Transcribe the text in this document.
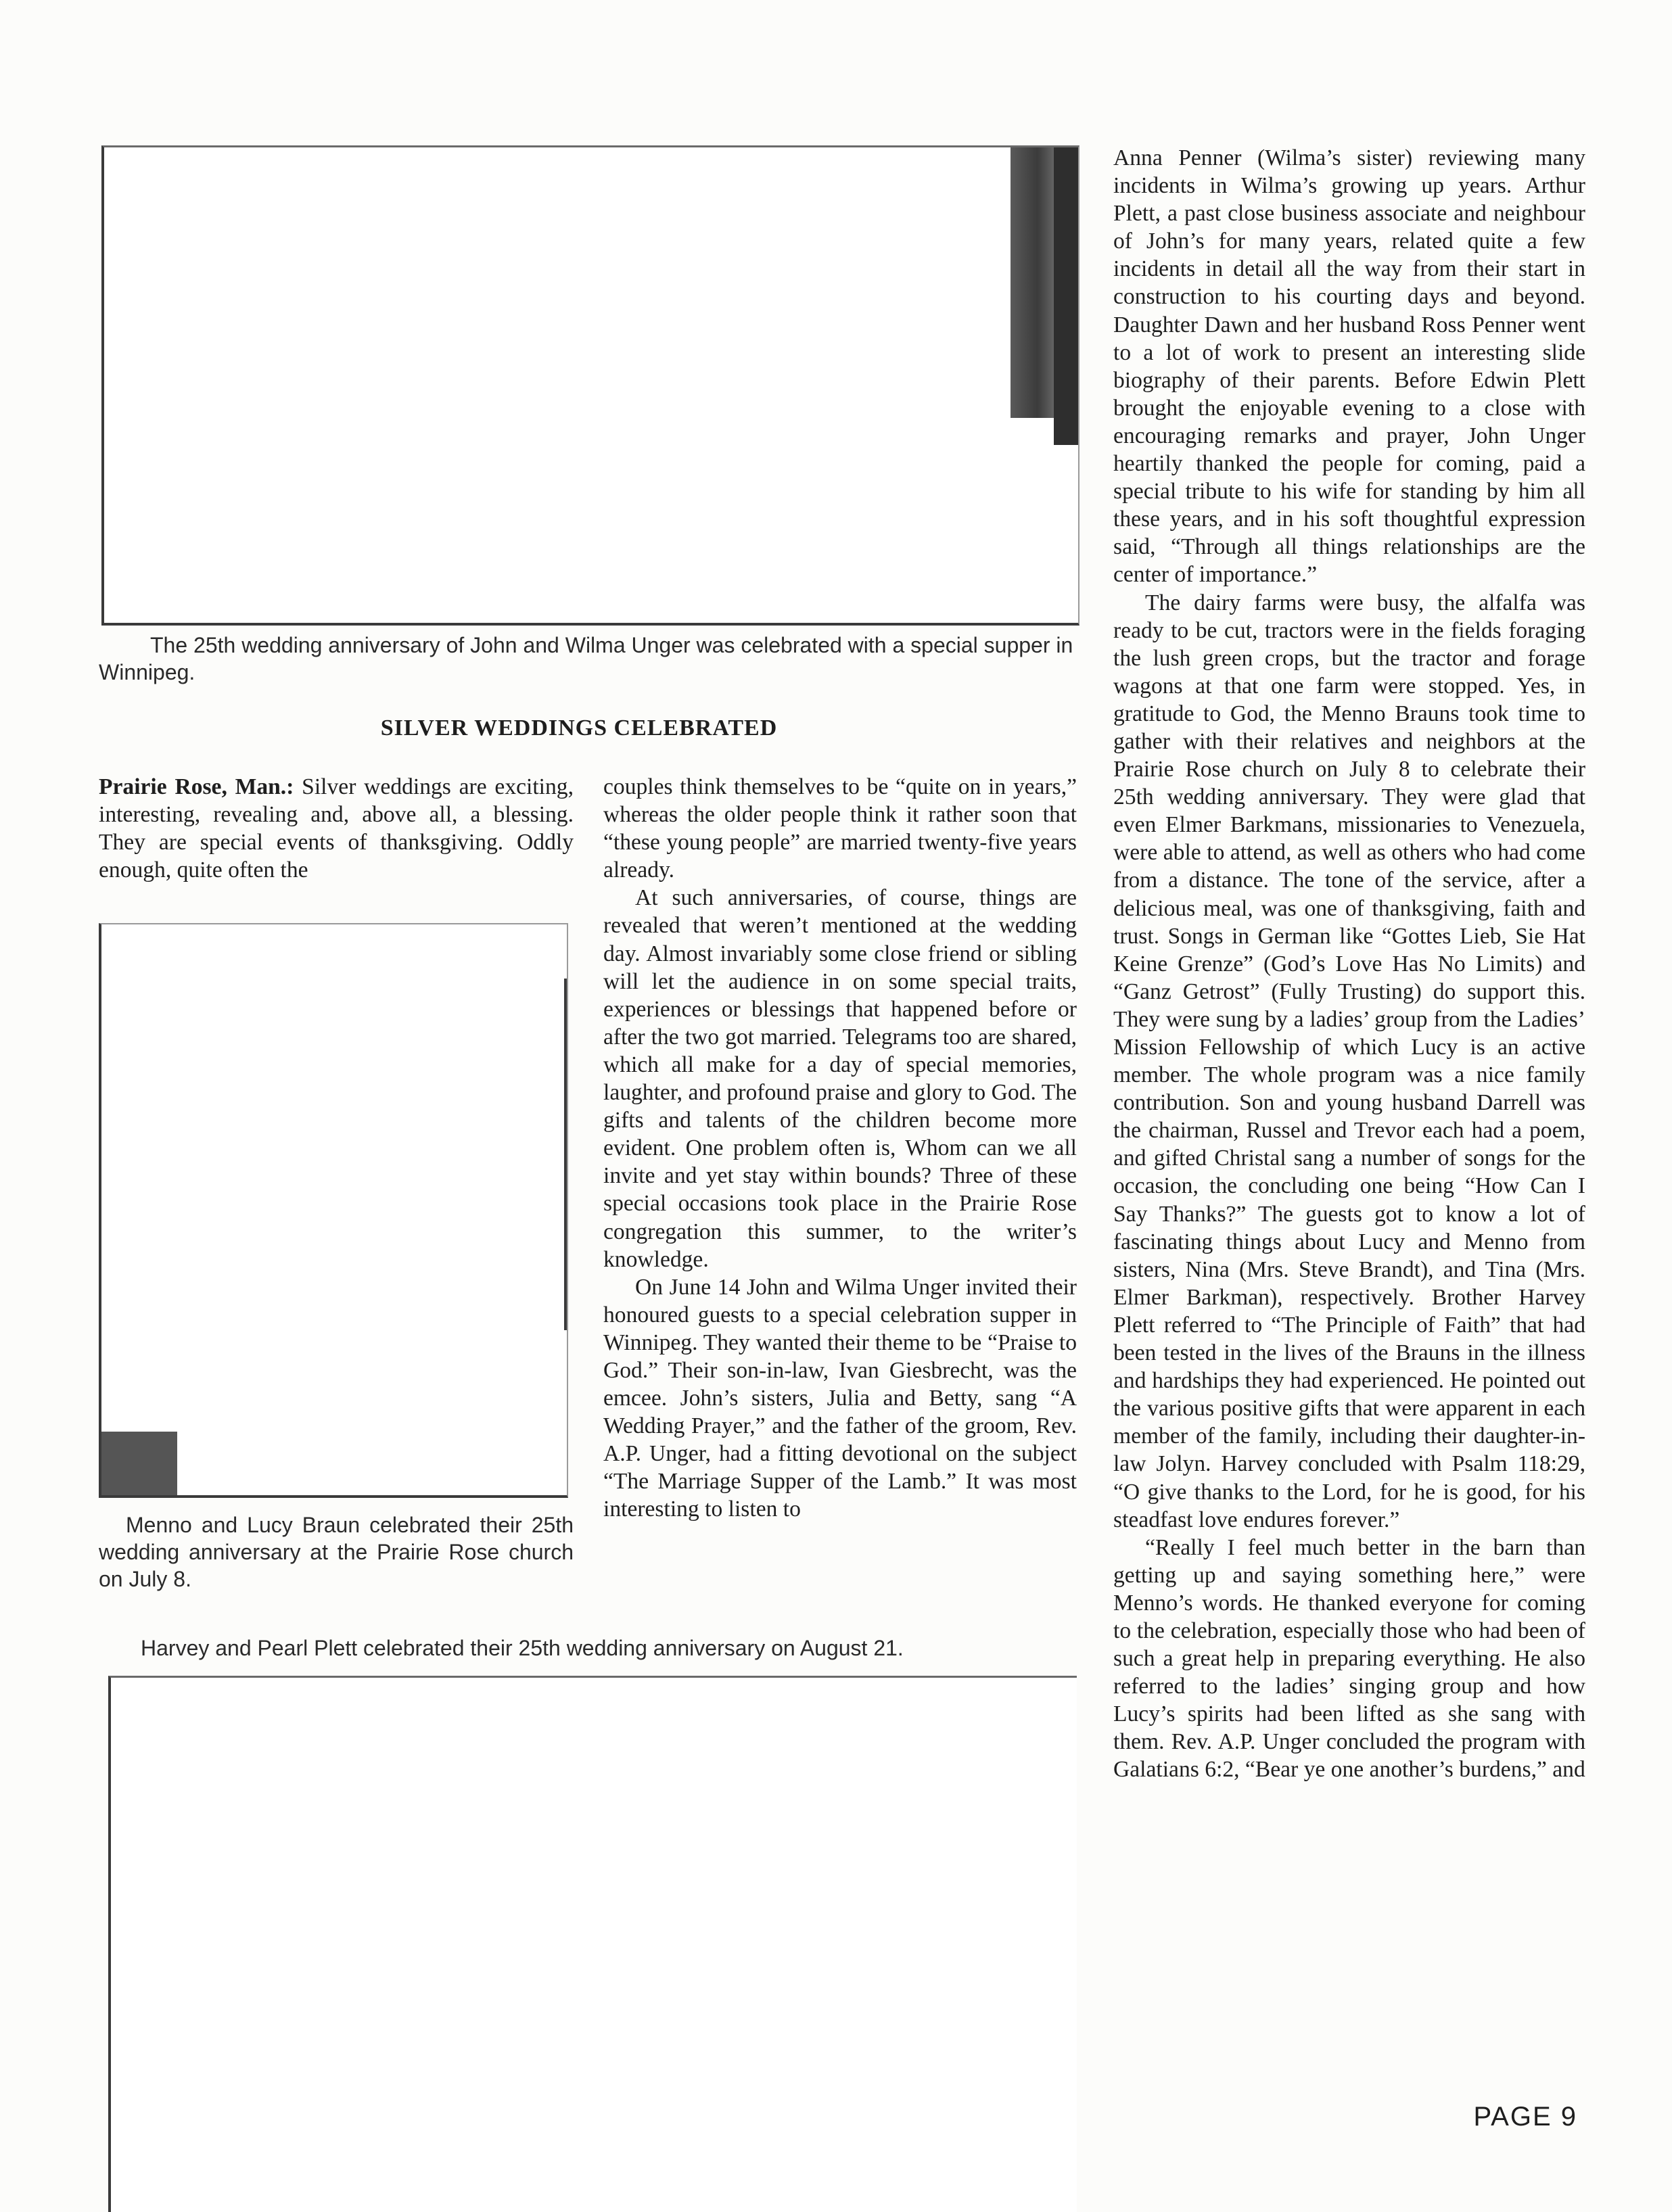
The 25th wedding anniversary of John and Wilma Unger was celebrated with a special supper in Winnipeg.

SILVER WEDDINGS CELEBRATED

Prairie Rose, Man.: Silver weddings are exciting, interesting, revealing and, above all, a blessing. They are special events of thanksgiving. Oddly enough, quite often the

Menno and Lucy Braun celebrated their 25th wedding anniversary at the Prairie Rose church on July 8.

couples think themselves to be “quite on in years,” whereas the older people think it rather soon that “these young people” are married twenty-five years already.

At such anniversaries, of course, things are revealed that weren’t mentioned at the wedding day. Almost invariably some close friend or sibling will let the audience in on some special traits, experiences or blessings that happened before or after the two got married. Telegrams too are shared, which all make for a day of special memories, laughter, and profound praise and glory to God. The gifts and talents of the children become more evident. One problem often is, Whom can we all invite and yet stay within bounds? Three of these special occasions took place in the Prairie Rose congregation this summer, to the writer’s knowledge.

On June 14 John and Wilma Unger invited their honoured guests to a special celebration supper in Winnipeg. They wanted their theme to be “Praise to God.” Their son-in-law, Ivan Giesbrecht, was the emcee. John’s sisters, Julia and Betty, sang “A Wedding Prayer,” and the father of the groom, Rev. A.P. Unger, had a fitting devotional on the subject “The Marriage Supper of the Lamb.” It was most interesting to listen to

Harvey and Pearl Plett celebrated their 25th wedding anniversary on August 21.

Anna Penner (Wilma’s sister) reviewing many incidents in Wilma’s growing up years. Arthur Plett, a past close business associate and neighbour of John’s for many years, related quite a few incidents in detail all the way from their start in construction to his courting days and beyond. Daughter Dawn and her husband Ross Penner went to a lot of work to present an interesting slide biography of their parents. Before Edwin Plett brought the enjoyable evening to a close with encouraging remarks and prayer, John Unger heartily thanked the people for coming, paid a special tribute to his wife for standing by him all these years, and in his soft thoughtful expression said, “Through all things relationships are the center of importance.”

The dairy farms were busy, the alfalfa was ready to be cut, tractors were in the fields foraging the lush green crops, but the tractor and forage wagons at that one farm were stopped. Yes, in gratitude to God, the Menno Brauns took time to gather with their relatives and neighbors at the Prairie Rose church on July 8 to celebrate their 25th wedding anniversary. They were glad that even Elmer Barkmans, missionaries to Venezuela, were able to attend, as well as others who had come from a distance. The tone of the service, after a delicious meal, was one of thanksgiving, faith and trust. Songs in German like “Gottes Lieb, Sie Hat Keine Grenze” (God’s Love Has No Limits) and “Ganz Getrost” (Fully Trusting) do support this. They were sung by a ladies’ group from the Ladies’ Mission Fellowship of which Lucy is an active member. The whole program was a nice family contribution. Son and young husband Darrell was the chairman, Russel and Trevor each had a poem, and gifted Christal sang a number of songs for the occasion, the concluding one being “How Can I Say Thanks?” The guests got to know a lot of fascinating things about Lucy and Menno from sisters, Nina (Mrs. Steve Brandt), and Tina (Mrs. Elmer Barkman), respectively. Brother Harvey Plett referred to “The Principle of Faith” that had been tested in the lives of the Brauns in the illness and hardships they had experienced. He pointed out the various positive gifts that were apparent in each member of the family, including their daughter-in-law Jolyn. Harvey concluded with Psalm 118:29, “O give thanks to the Lord, for he is good, for his steadfast love endures forever.”

“Really I feel much better in the barn than getting up and saying something here,” were Menno’s words. He thanked everyone for coming to the celebration, especially those who had been of such a great help in preparing everything. He also referred to the ladies’ singing group and how Lucy’s spirits had been lifted as she sang with them. Rev. A.P. Unger concluded the program with Galatians 6:2, “Bear ye one another’s burdens,” and

PAGE 9
